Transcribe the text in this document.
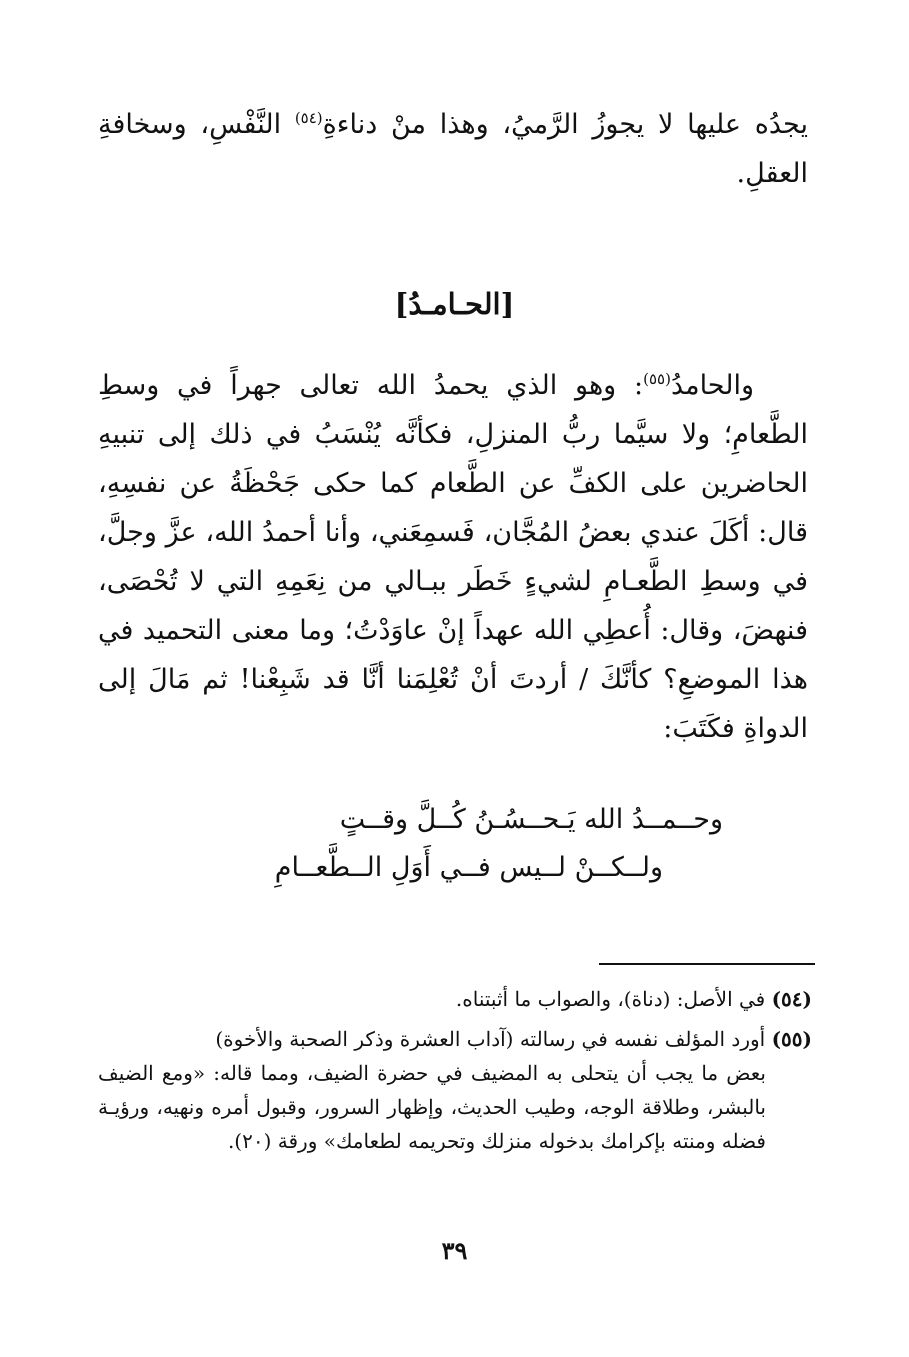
يجدُه عليها لا يجوزُ الرَّميُ، وهذا منْ دناءةِ$^{(٥٤)}$ النَّفْسِ، وسخافةِ العقلِ.

[الحـامـدُ]

والحامدُ$^{(٥٥)}$: وهو الذي يحمدُ الله تعالى جهراً في وسطِ الطَّعامِ؛ ولا سيَّما ربُّ المنزلِ، فكأنَّه يُنْسَبُ في ذلك إلى تنبيهِ الحاضرين على الكفِّ عن الطَّعام كما حكى جَحْظَةُ عن نفسِهِ، قال: أكَلَ عندي بعضُ المُجَّان، فَسمِعَني، وأنا أحمدُ الله، عزَّ وجلَّ، في وسطِ الطَّعـامِ لشيءٍ خَطَر ببـالي من نِعَمِهِ التي لا تُحْصَى، فنهضَ، وقال: أُعطِي الله عهداً إنْ عاوَدْتُ؛ وما معنى التحميد في هذا الموضعِ؟ كأنَّكَ / أردتَ أنْ تُعْلِمَنا أنَّا قد شَبِعْنا! ثم مَالَ إلى الدواةِ فكَتَبَ:

وحــمــدُ الله يَـحــسُـنُ كُــلَّ وقــتٍ

ولــكــنْ لــيس فــي أَوَلِ الــطَّعــامِ

(٥٤) في الأصل: (دناة)، والصواب ما أثبتناه.
(٥٥) أورد المؤلف نفسه في رسالته (آداب العشرة وذكر الصحبة والأخوة)
بعض ما يجب أن يتحلى به المضيف في حضرة الضيف، ومما قاله: «ومع الضيف بالبشر، وطلاقة الوجه، وطيب الحديث، وإظهار السرور، وقبول أمره ونهيه، ورؤيـة فضله ومنته بإكرامك بدخوله منزلك وتحريمه لطعامك» ورقة (٢٠).

٣٩
